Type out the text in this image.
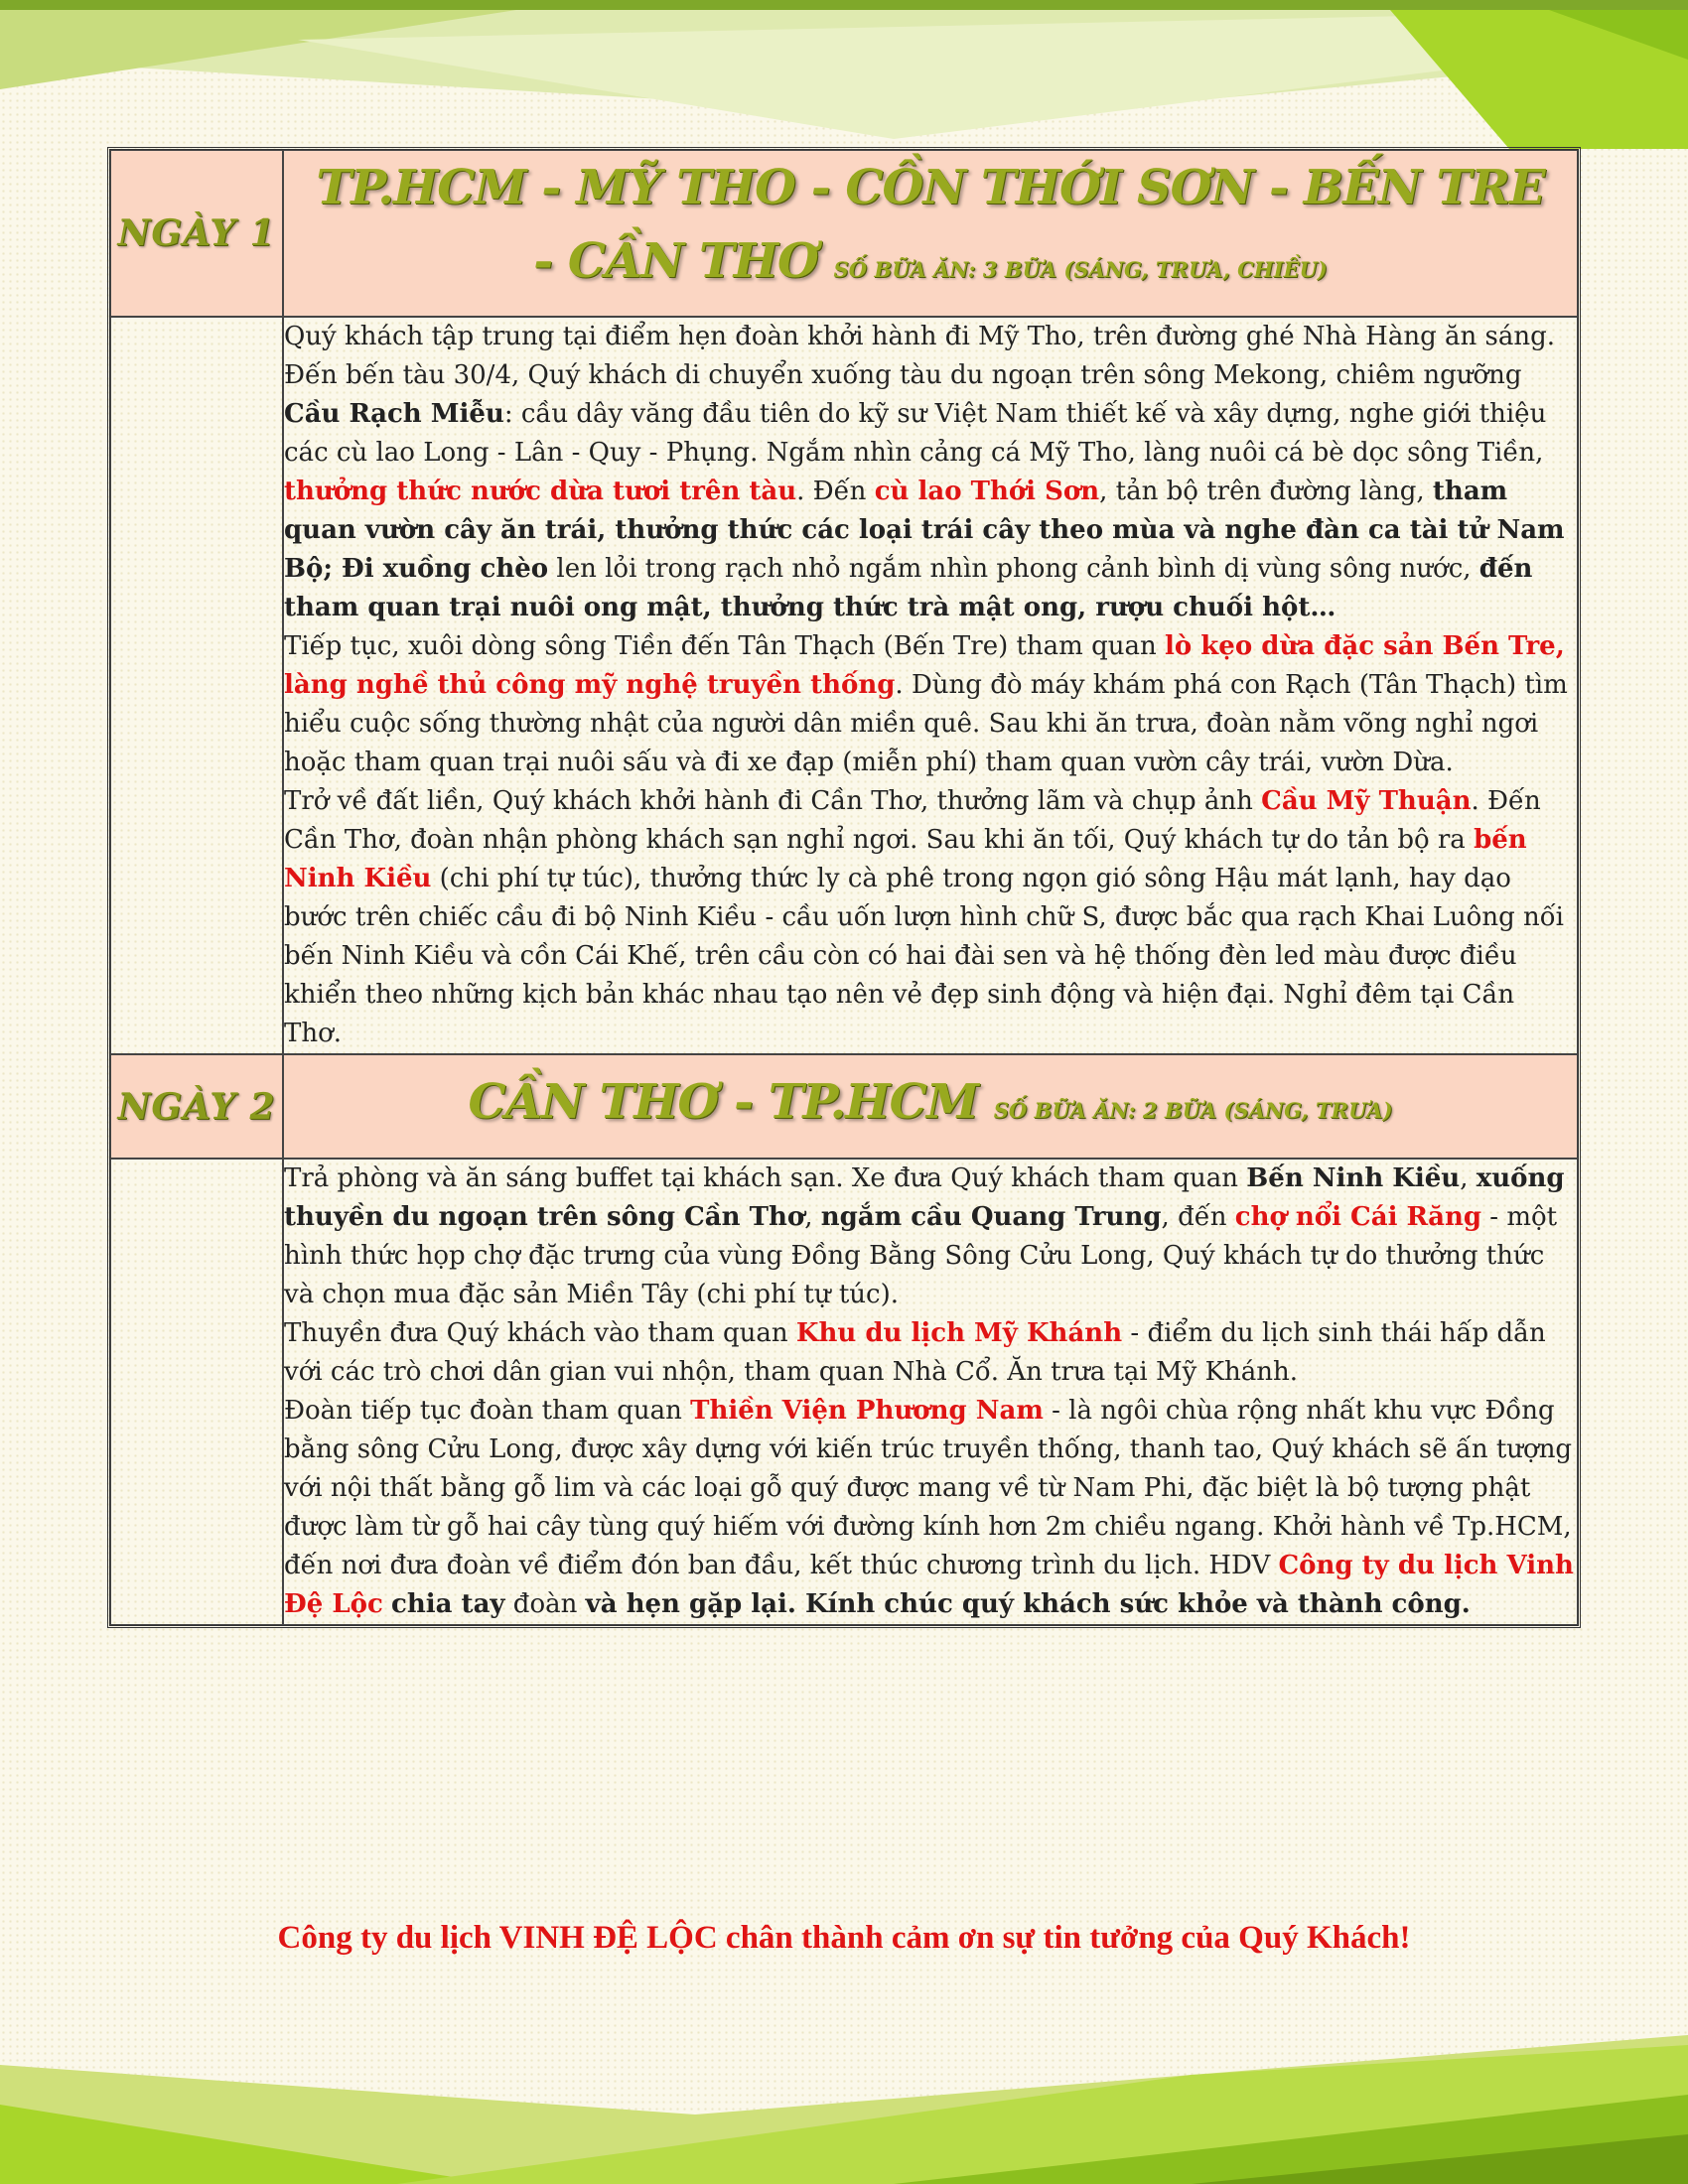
NGÀY 1	TP.HCM - MỸ THO - CỒN THỚI SƠN - BẾN TRE
- CẦN THƠ SỐ BỮA ĂN: 3 BỮA (SÁNG, TRƯA, CHIỀU)

	Quý khách tập trung tại điểm hẹn đoàn khởi hành đi Mỹ Tho, trên đường ghé Nhà Hàng ăn sáng. Đến bến tàu 30/4, Quý khách di chuyển xuống tàu du ngoạn trên sông Mekong, chiêm ngưỡng Cầu Rạch Miễu: cầu dây văng đầu tiên do kỹ sư Việt Nam thiết kế và xây dựng, nghe giới thiệu các cù lao Long - Lân - Quy - Phụng. Ngắm nhìn cảng cá Mỹ Tho, làng nuôi cá bè dọc sông Tiền, thưởng thức nước dừa tươi trên tàu. Đến cù lao Thới Sơn, tản bộ trên đường làng, tham quan vườn cây ăn trái, thưởng thức các loại trái cây theo mùa và nghe đàn ca tài tử Nam Bộ; Đi xuồng chèo len lỏi trong rạch nhỏ ngắm nhìn phong cảnh bình dị vùng sông nước, đến tham quan trại nuôi ong mật, thưởng thức trà mật ong, rượu chuối hột…

Tiếp tục, xuôi dòng sông Tiền đến Tân Thạch (Bến Tre) tham quan lò kẹo dừa đặc sản Bến Tre, làng nghề thủ công mỹ nghệ truyền thống. Dùng đò máy khám phá con Rạch (Tân Thạch) tìm hiểu cuộc sống thường nhật của người dân miền quê. Sau khi ăn trưa, đoàn nằm võng nghỉ ngơi hoặc tham quan trại nuôi sấu và đi xe đạp (miễn phí) tham quan vườn cây trái, vườn Dừa.

Trở về đất liền, Quý khách khởi hành đi Cần Thơ, thưởng lãm và chụp ảnh Cầu Mỹ Thuận. Đến Cần Thơ, đoàn nhận phòng khách sạn nghỉ ngơi. Sau khi ăn tối, Quý khách tự do tản bộ ra bến Ninh Kiều (chi phí tự túc), thưởng thức ly cà phê trong ngọn gió sông Hậu mát lạnh, hay dạo bước trên chiếc cầu đi bộ Ninh Kiều - cầu uốn lượn hình chữ S, được bắc qua rạch Khai Luông nối bến Ninh Kiều và cồn Cái Khế, trên cầu còn có hai đài sen và hệ thống đèn led màu được điều khiển theo những kịch bản khác nhau tạo nên vẻ đẹp sinh động và hiện đại. Nghỉ đêm tại Cần Thơ.

NGÀY 2	CẦN THƠ - TP.HCM SỐ BỮA ĂN: 2 BỮA (SÁNG, TRƯA)

	Trả phòng và ăn sáng buffet tại khách sạn. Xe đưa Quý khách tham quan Bến Ninh Kiều, xuống thuyền du ngoạn trên sông Cần Thơ, ngắm cầu Quang Trung, đến chợ nổi Cái Răng - một hình thức họp chợ đặc trưng của vùng Đồng Bằng Sông Cửu Long, Quý khách tự do thưởng thức và chọn mua đặc sản Miền Tây (chi phí tự túc).

Thuyền đưa Quý khách vào tham quan Khu du lịch Mỹ Khánh - điểm du lịch sinh thái hấp dẫn với các trò chơi dân gian vui nhộn, tham quan Nhà Cổ. Ăn trưa tại Mỹ Khánh.

Đoàn tiếp tục đoàn tham quan Thiền Viện Phương Nam - là ngôi chùa rộng nhất khu vực Đồng bằng sông Cửu Long, được xây dựng với kiến trúc truyền thống, thanh tao, Quý khách sẽ ấn tượng với nội thất bằng gỗ lim và các loại gỗ quý được mang về từ Nam Phi, đặc biệt là bộ tượng phật được làm từ gỗ hai cây tùng quý hiếm với đường kính hơn 2m chiều ngang. Khởi hành về Tp.HCM, đến nơi đưa đoàn về điểm đón ban đầu, kết thúc chương trình du lịch. HDV Công ty du lịch Vinh Đệ Lộc chia tay đoàn và hẹn gặp lại. Kính chúc quý khách sức khỏe và thành công.

Công ty du lịch VINH ĐỆ LỘC chân thành cảm ơn sự tin tưởng của Quý Khách!
